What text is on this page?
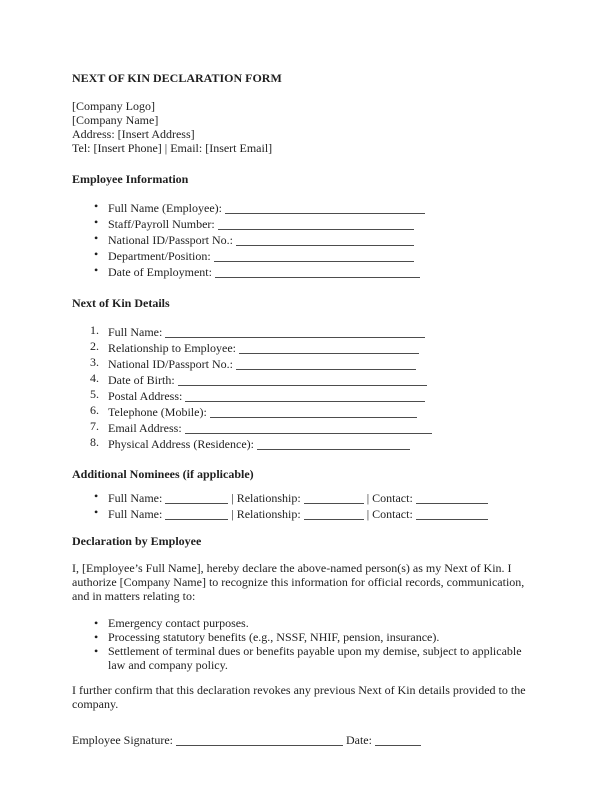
NEXT OF KIN DECLARATION FORM
[Company Logo]
[Company Name]
Address: [Insert Address]
Tel: [Insert Phone] | Email: [Insert Email]
Employee Information
• Full Name (Employee):
• Staff/Payroll Number:
• National ID/Passport No.:
• Department/Position:
• Date of Employment:
Next of Kin Details
1. Full Name:
2. Relationship to Employee:
3. National ID/Passport No.:
4. Date of Birth:
5. Postal Address:
6. Telephone (Mobile):
7. Email Address:
8. Physical Address (Residence):
Additional Nominees (if applicable)
• Full Name:	| Relationship:	| Contact:
• Full Name:	| Relationship:	| Contact:
Declaration by Employee
I, [Employee’s Full Name], hereby declare the above-named person(s) as my Next of Kin. I authorize [Company Name] to recognize this information for official records, communication, and in matters relating to:
• Emergency contact purposes.
• Processing statutory benefits (e.g., NSSF, NHIF, pension, insurance).
• Settlement of terminal dues or benefits payable upon my demise, subject to applicable law and company policy.
I further confirm that this declaration revokes any previous Next of Kin details provided to the company.
Employee Signature:	Date:
